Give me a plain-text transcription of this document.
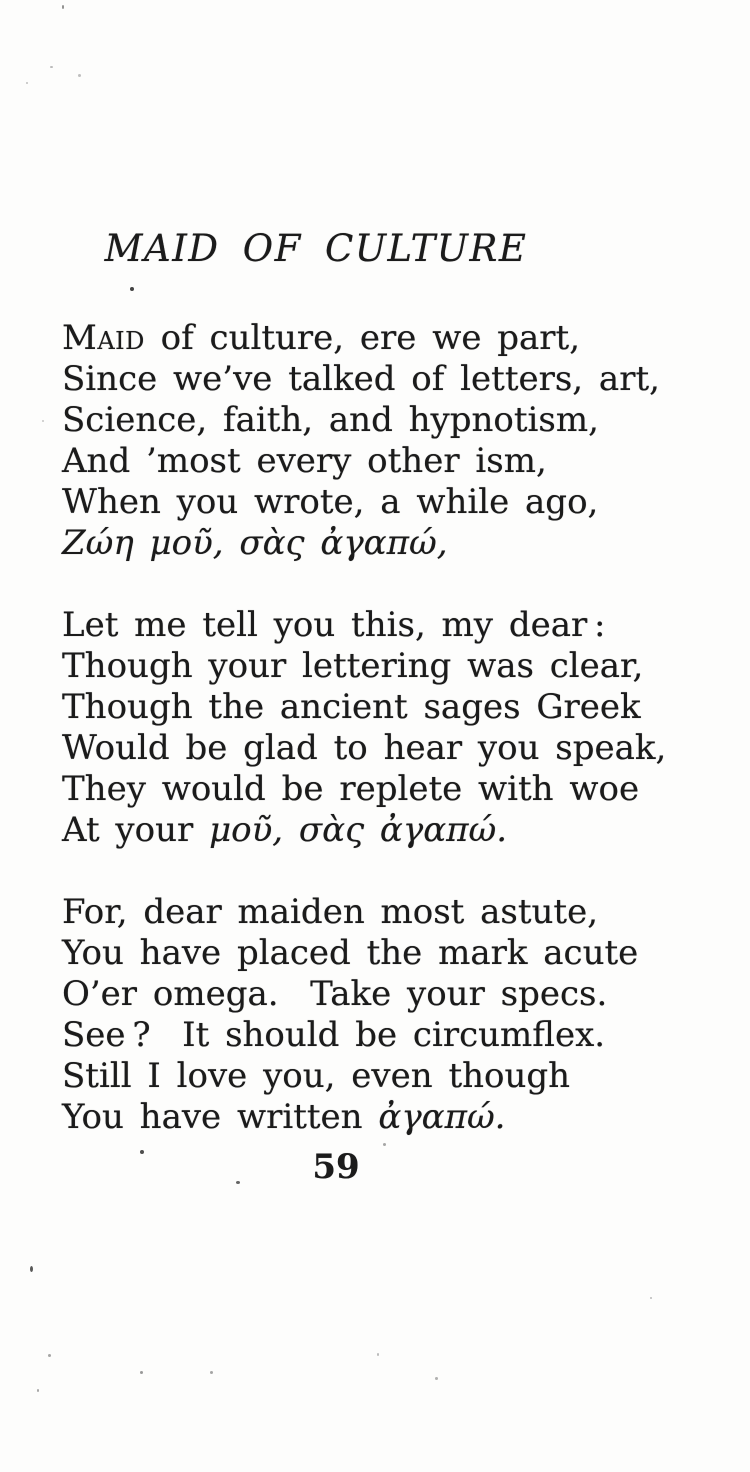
MAID OF CULTURE
Maid of culture, ere we part,
Since we’ve talked of letters, art,
Science, faith, and hypnotism,
And ’most every other ism,
When you wrote, a while ago,
Ζώη μοῦ, σὰς ἀγαπώ,
Let me tell you this, my dear :
Though your lettering was clear,
Though the ancient sages Greek
Would be glad to hear you speak,
They would be replete with woe
At your μοῦ, σὰς ἀγαπώ.
For, dear maiden most astute,
You have placed the mark acute
O’er omega.  Take your specs.
See ?  It should be circumflex.
Still I love you, even though
You have written ἀγαπώ.
59
